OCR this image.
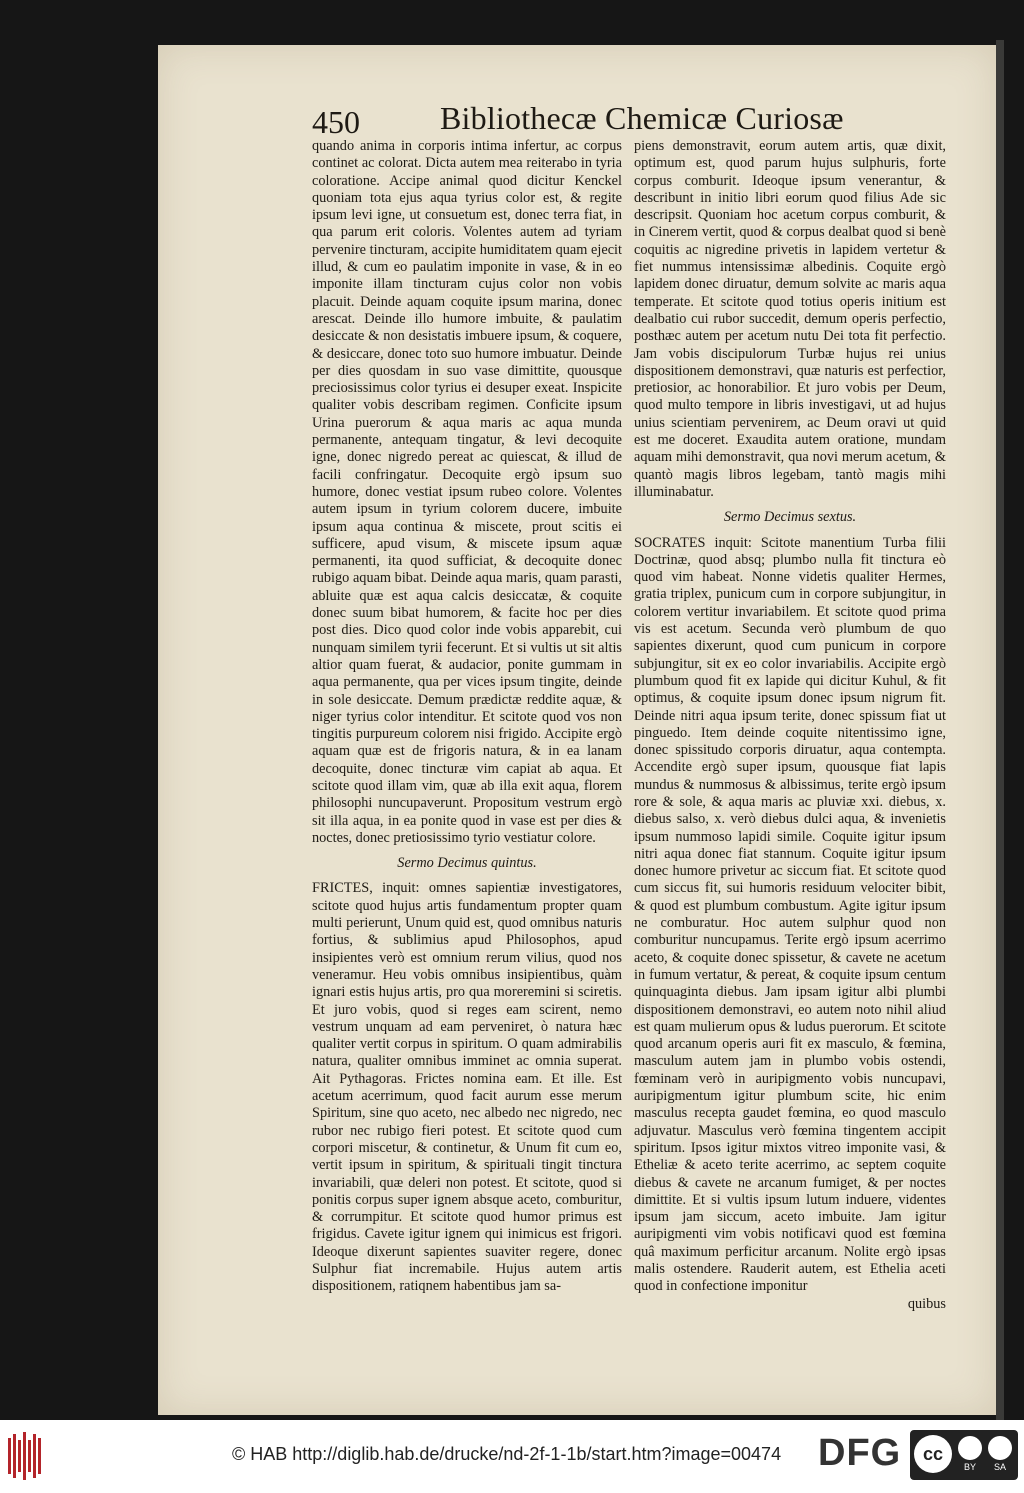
450	Bibliothecæ Chemicæ Curiosæ

quando anima in corporis intima infertur, ac corpus continet ac colorat. Dicta autem mea reiterabo in tyria coloratione. Accipe animal quod dicitur Kenckel quoniam tota ejus aqua tyrius color est, & regite ipsum levi igne, ut consuetum est, donec terra fiat, in qua parum erit coloris. Volentes autem ad tyriam pervenire tincturam, accipite humiditatem quam ejecit illud, & cum eo paulatim imponite in vase, & in eo imponite illam tincturam cujus color non vobis placuit. Deinde aquam coquite ipsum marina, donec arescat. Deinde illo humore imbuite, & paulatim desiccate & non desistatis imbuere ipsum, & coquere, & desiccare, donec toto suo humore imbuatur. Deinde per dies quosdam in suo vase dimittite, quousque preciosissimus color tyrius ei desuper exeat. Inspicite qualiter vobis describam regimen. Conficite ipsum Urina puerorum & aqua maris ac aqua munda permanente, antequam tingatur, & levi decoquite igne, donec nigredo pereat ac quiescat, & illud de facili confringatur. Decoquite ergò ipsum suo humore, donec vestiat ipsum rubeo colore. Volentes autem ipsum in tyrium colorem ducere, imbuite ipsum aqua continua & miscete, prout scitis ei sufficere, apud visum, & miscete ipsum aquæ permanenti, ita quod sufficiat, & decoquite donec rubigo aquam bibat. Deinde aqua maris, quam parasti, abluite quæ est aqua calcis desiccatæ, & coquite donec suum bibat humorem, & facite hoc per dies post dies. Dico quod color inde vobis apparebit, cui nunquam similem tyrii fecerunt. Et si vultis ut sit altis altior quam fuerat, & audacior, ponite gummam in aqua permanente, qua per vices ipsum tingite, deinde in sole desiccate. Demum prædictæ reddite aquæ, & niger tyrius color intenditur. Et scitote quod vos non tingitis purpureum colorem nisi frigido. Accipite ergò aquam quæ est de frigoris natura, & in ea lanam decoquite, donec tincturæ vim capiat ab aqua. Et scitote quod illam vim, quæ ab illa exit aqua, florem philosophi nuncupaverunt. Propositum vestrum ergò sit illa aqua, in ea ponite quod in vase est per dies & noctes, donec pretiosissimo tyrio vestiatur colore.

Sermo Decimus quintus.

FRICTES, inquit: omnes sapientiæ investigatores, scitote quod hujus artis fundamentum propter quam multi perierunt, Unum quid est, quod omnibus naturis fortius, & sublimius apud Philosophos, apud insipientes verò est omnium rerum vilius, quod nos veneramur. Heu vobis omnibus insipientibus, quàm ignari estis hujus artis, pro qua moreremini si sciretis. Et juro vobis, quod si reges eam scirent, nemo vestrum unquam ad eam perveniret, ò natura hæc qualiter vertit corpus in spiritum. O quam admirabilis natura, qualiter omnibus imminet ac omnia superat. Ait Pythagoras. Frictes nomina eam. Et ille. Est acetum acerrimum, quod facit aurum esse merum Spiritum, sine quo aceto, nec albedo nec nigredo, nec rubor nec rubigo fieri potest. Et scitote quod cum corpori miscetur, & continetur, & Unum fit cum eo, vertit ipsum in spiritum, & spirituali tingit tinctura invariabili, quæ deleri non potest. Et scitote, quod si ponitis corpus super ignem absque aceto, comburitur, & corrumpitur. Et scitote quod humor primus est frigidus. Cavete igitur ignem qui inimicus est frigori. Ideoque dixerunt sapientes suaviter regere, donec Sulphur fiat incremabile. Hujus autem artis dispositionem, ratiqnem habentibus jam sa-

piens demonstravit, eorum autem artis, quæ dixit, optimum est, quod parum hujus sulphuris, forte corpus comburit. Ideoque ipsum venerantur, & describunt in initio libri eorum quod filius Ade sic descripsit. Quoniam hoc acetum corpus comburit, & in Cinerem vertit, quod & corpus dealbat quod si benè coquitis ac nigredine privetis in lapidem vertetur & fiet nummus intensissimæ albedinis. Coquite ergò lapidem donec diruatur, demum solvite ac maris aqua temperate. Et scitote quod totius operis initium est dealbatio cui rubor succedit, demum operis perfectio, posthæc autem per acetum nutu Dei tota fit perfectio. Jam vobis discipulorum Turbæ hujus rei unius dispositionem demonstravi, quæ naturis est perfectior, pretiosior, ac honorabilior. Et juro vobis per Deum, quod multo tempore in libris investigavi, ut ad hujus unius scientiam pervenirem, ac Deum oravi ut quid est me doceret. Exaudita autem oratione, mundam aquam mihi demonstravit, qua novi merum acetum, & quantò magis libros legebam, tantò magis mihi illuminabatur.

Sermo Decimus sextus.

SOCRATES inquit: Scitote manentium Turba filii Doctrinæ, quod absq; plumbo nulla fit tinctura eò quod vim habeat. Nonne videtis qualiter Hermes, gratia triplex, punicum cum in corpore subjungitur, in colorem vertitur invariabilem. Et scitote quod prima vis est acetum. Secunda verò plumbum de quo sapientes dixerunt, quod cum punicum in corpore subjungitur, sit ex eo color invariabilis. Accipite ergò plumbum quod fit ex lapide qui dicitur Kuhul, & fit optimus, & coquite ipsum donec ipsum nigrum fit. Deinde nitri aqua ipsum terite, donec spissum fiat ut pinguedo. Item deinde coquite nitentissimo igne, donec spissitudo corporis diruatur, aqua contempta. Accendite ergò super ipsum, quousque fiat lapis mundus & nummosus & albissimus, terite ergò ipsum rore & sole, & aqua maris ac pluviæ xxi. diebus, x. diebus salso, x. verò diebus dulci aqua, & invenietis ipsum nummoso lapidi simile. Coquite igitur ipsum nitri aqua donec fiat stannum. Coquite igitur ipsum donec humore privetur ac siccum fiat. Et scitote quod cum siccus fit, sui humoris residuum velociter bibit, & quod est plumbum combustum. Agite igitur ipsum ne comburatur. Hoc autem sulphur quod non comburitur nuncupamus. Terite ergò ipsum acerrimo aceto, & coquite donec spissetur, & cavete ne acetum in fumum vertatur, & pereat, & coquite ipsum centum quinquaginta diebus. Jam ipsam igitur albi plumbi dispositionem demonstravi, eo autem noto nihil aliud est quam mulierum opus & ludus puerorum. Et scitote quod arcanum operis auri fit ex masculo, & fœmina, masculum autem jam in plumbo vobis ostendi, fœminam verò in auripigmento vobis nuncupavi, auripigmentum igitur plumbum scite, hic enim masculus recepta gaudet fœmina, eo quod masculo adjuvatur. Masculus verò fœmina tingentem accipit spiritum. Ipsos igitur mixtos vitreo imponite vasi, & Etheliæ & aceto terite acerrimo, ac septem coquite diebus & cavete ne arcanum fumiget, & per noctes dimittite. Et si vultis ipsum lutum induere, videntes ipsum jam siccum, aceto imbuite. Jam igitur auripigmenti vim vobis notificavi quod est fœmina quâ maximum perficitur arcanum. Nolite ergò ipsas malis ostendere. Rauderit autem, est Ethelia aceti quod in confectione imponitur

quibus
© HAB http://diglib.hab.de/drucke/nd-2f-1-1b/start.htm?image=00474 DFG	cc
BY SA
